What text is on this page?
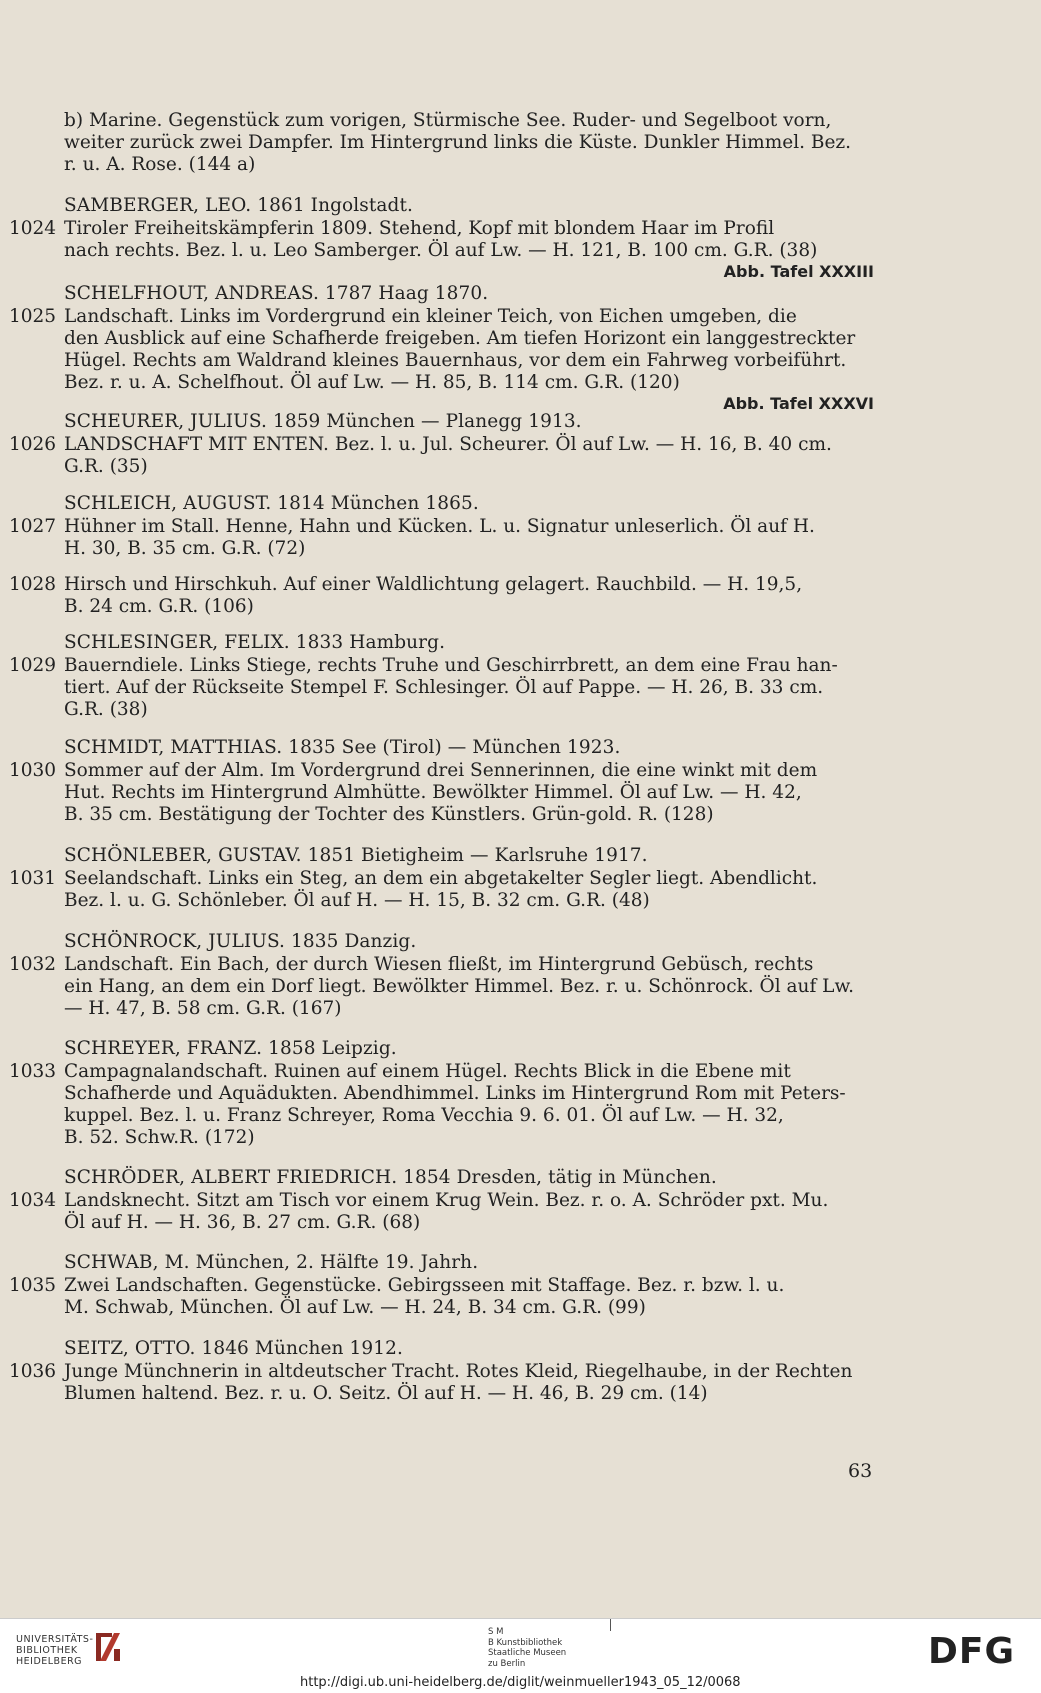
b) Marine. Gegenstück zum vorigen, Stürmische See. Ruder- und Segelboot vorn,
weiter zurück zwei Dampfer. Im Hintergrund links die Küste. Dunkler Himmel. Bez.
r. u. A. Rose. (144 a)
SAMBERGER, LEO. 1861 Ingolstadt.
1024 Tiroler Freiheitskämpferin 1809. Stehend, Kopf mit blondem Haar im Profil
nach rechts. Bez. l. u. Leo Samberger. Öl auf Lw. — H. 121, B. 100 cm. G.R. (38)
Abb. Tafel XXXIII
SCHELFHOUT, ANDREAS. 1787 Haag 1870.
1025 Landschaft. Links im Vordergrund ein kleiner Teich, von Eichen umgeben, die
den Ausblick auf eine Schafherde freigeben. Am tiefen Horizont ein langgestreckter
Hügel. Rechts am Waldrand kleines Bauernhaus, vor dem ein Fahrweg vorbeiführt.
Bez. r. u. A. Schelfhout. Öl auf Lw. — H. 85, B. 114 cm. G.R. (120)
Abb. Tafel XXXVI
SCHEURER, JULIUS. 1859 München — Planegg 1913.
1026 LANDSCHAFT MIT ENTEN. Bez. l. u. Jul. Scheurer. Öl auf Lw. — H. 16, B. 40 cm.
G.R. (35)
SCHLEICH, AUGUST. 1814 München 1865.
1027 Hühner im Stall. Henne, Hahn und Kücken. L. u. Signatur unleserlich. Öl auf H.
H. 30, B. 35 cm. G.R. (72)
1028 Hirsch und Hirschkuh. Auf einer Waldlichtung gelagert. Rauchbild. — H. 19,5,
B. 24 cm. G.R. (106)
SCHLESINGER, FELIX. 1833 Hamburg.
1029 Bauerndiele. Links Stiege, rechts Truhe und Geschirrbrett, an dem eine Frau han-
tiert. Auf der Rückseite Stempel F. Schlesinger. Öl auf Pappe. — H. 26, B. 33 cm.
G.R. (38)
SCHMIDT, MATTHIAS. 1835 See (Tirol) — München 1923.
1030 Sommer auf der Alm. Im Vordergrund drei Sennerinnen, die eine winkt mit dem
Hut. Rechts im Hintergrund Almhütte. Bewölkter Himmel. Öl auf Lw. — H. 42,
B. 35 cm. Bestätigung der Tochter des Künstlers. Grün-gold. R. (128)
SCHÖNLEBER, GUSTAV. 1851 Bietigheim — Karlsruhe 1917.
1031 Seelandschaft. Links ein Steg, an dem ein abgetakelter Segler liegt. Abendlicht.
Bez. l. u. G. Schönleber. Öl auf H. — H. 15, B. 32 cm. G.R. (48)
SCHÖNROCK, JULIUS. 1835 Danzig.
1032 Landschaft. Ein Bach, der durch Wiesen fließt, im Hintergrund Gebüsch, rechts
ein Hang, an dem ein Dorf liegt. Bewölkter Himmel. Bez. r. u. Schönrock. Öl auf Lw.
— H. 47, B. 58 cm. G.R. (167)
SCHREYER, FRANZ. 1858 Leipzig.
1033 Campagnalandschaft. Ruinen auf einem Hügel. Rechts Blick in die Ebene mit
Schafherde und Aquädukten. Abendhimmel. Links im Hintergrund Rom mit Peters-
kuppel. Bez. l. u. Franz Schreyer, Roma Vecchia 9. 6. 01. Öl auf Lw. — H. 32,
B. 52. Schw.R. (172)
SCHRÖDER, ALBERT FRIEDRICH. 1854 Dresden, tätig in München.
1034 Landsknecht. Sitzt am Tisch vor einem Krug Wein. Bez. r. o. A. Schröder pxt. Mu.
Öl auf H. — H. 36, B. 27 cm. G.R. (68)
SCHWAB, M. München, 2. Hälfte 19. Jahrh.
1035 Zwei Landschaften. Gegenstücke. Gebirgsseen mit Staffage. Bez. r. bzw. l. u.
M. Schwab, München. Öl auf Lw. — H. 24, B. 34 cm. G.R. (99)
SEITZ, OTTO. 1846 München 1912.
1036 Junge Münchnerin in altdeutscher Tracht. Rotes Kleid, Riegelhaube, in der Rechten
Blumen haltend. Bez. r. u. O. Seitz. Öl auf H. — H. 46, B. 29 cm. (14)
63
UNIVERSITÄTS-
BIBLIOTHEK
HEIDELBERG
S M
B Kunstbibliothek
Staatliche Museen
zu Berlin	DFG
http://digi.ub.uni-heidelberg.de/diglit/weinmueller1943_05_12/0068
